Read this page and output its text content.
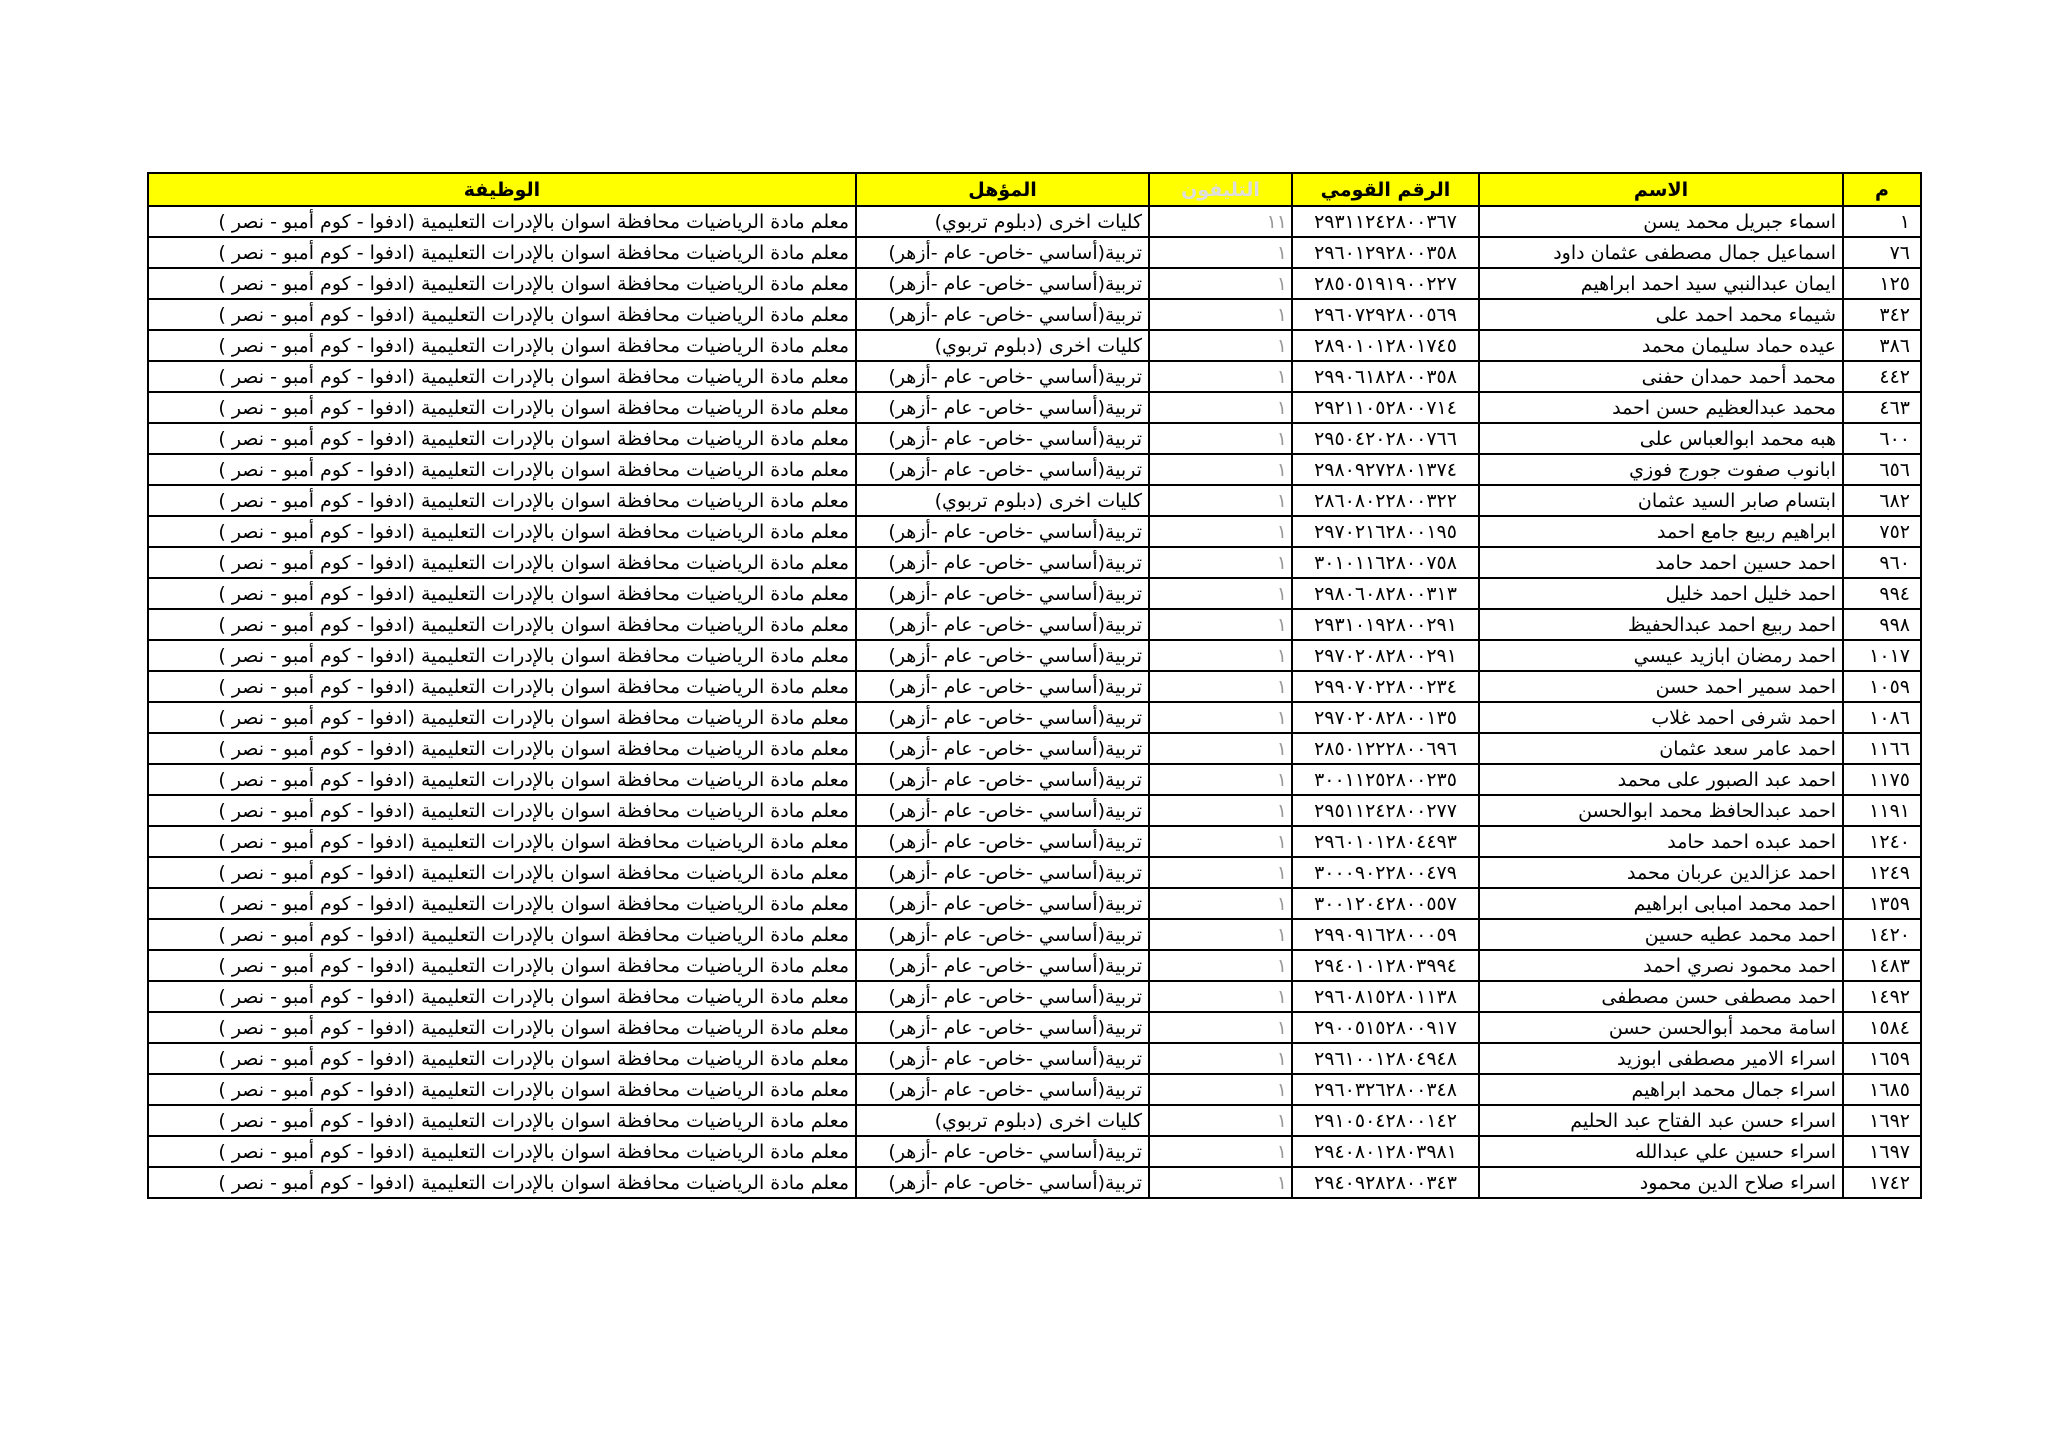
م	الاسم	الرقم القومي	التليفون	المؤهل	الوظيفة
١	اسماء جبريل محمد يسن	٢٩٣١١٢٤٢٨٠٠٣٦٧	١١	كليات اخرى (دبلوم تربوي)	معلم مادة الرياضيات محافظة اسوان بالإدرات التعليمية (ادفوا - كوم أمبو - نصر )
٧٦	اسماعيل جمال مصطفى عثمان داود	٢٩٦٠١٢٩٢٨٠٠٣٥٨	١	تربية(أساسي -خاص- عام -أزهر)	معلم مادة الرياضيات محافظة اسوان بالإدرات التعليمية (ادفوا - كوم أمبو - نصر )
١٢٥	ايمان عبدالنبي سيد احمد ابراهيم	٢٨٥٠٥١٩١٩٠٠٢٢٧	١	تربية(أساسي -خاص- عام -أزهر)	معلم مادة الرياضيات محافظة اسوان بالإدرات التعليمية (ادفوا - كوم أمبو - نصر )
٣٤٢	شيماء محمد احمد على	٢٩٦٠٧٢٩٢٨٠٠٥٦٩	١	تربية(أساسي -خاص- عام -أزهر)	معلم مادة الرياضيات محافظة اسوان بالإدرات التعليمية (ادفوا - كوم أمبو - نصر )
٣٨٦	عيده حماد سليمان محمد	٢٨٩٠١٠١٢٨٠١٧٤٥	١	كليات اخرى (دبلوم تربوي)	معلم مادة الرياضيات محافظة اسوان بالإدرات التعليمية (ادفوا - كوم أمبو - نصر )
٤٤٢	محمد أحمد حمدان حفنى	٢٩٩٠٦١٨٢٨٠٠٣٥٨	١	تربية(أساسي -خاص- عام -أزهر)	معلم مادة الرياضيات محافظة اسوان بالإدرات التعليمية (ادفوا - كوم أمبو - نصر )
٤٦٣	محمد عبدالعظيم حسن احمد	٢٩٢١١٠٥٢٨٠٠٧١٤	١	تربية(أساسي -خاص- عام -أزهر)	معلم مادة الرياضيات محافظة اسوان بالإدرات التعليمية (ادفوا - كوم أمبو - نصر )
٦٠٠	هبه محمد ابوالعباس على	٢٩٥٠٤٢٠٢٨٠٠٧٦٦	١	تربية(أساسي -خاص- عام -أزهر)	معلم مادة الرياضيات محافظة اسوان بالإدرات التعليمية (ادفوا - كوم أمبو - نصر )
٦٥٦	ابانوب صفوت جورج فوزي	٢٩٨٠٩٢٧٢٨٠١٣٧٤	١	تربية(أساسي -خاص- عام -أزهر)	معلم مادة الرياضيات محافظة اسوان بالإدرات التعليمية (ادفوا - كوم أمبو - نصر )
٦٨٢	ابتسام صابر السيد عثمان	٢٨٦٠٨٠٢٢٨٠٠٣٢٢	١	كليات اخرى (دبلوم تربوي)	معلم مادة الرياضيات محافظة اسوان بالإدرات التعليمية (ادفوا - كوم أمبو - نصر )
٧٥٢	ابراهيم ربيع جامع احمد	٢٩٧٠٢١٦٢٨٠٠١٩٥	١	تربية(أساسي -خاص- عام -أزهر)	معلم مادة الرياضيات محافظة اسوان بالإدرات التعليمية (ادفوا - كوم أمبو - نصر )
٩٦٠	احمد حسين احمد حامد	٣٠١٠١١٦٢٨٠٠٧٥٨	١	تربية(أساسي -خاص- عام -أزهر)	معلم مادة الرياضيات محافظة اسوان بالإدرات التعليمية (ادفوا - كوم أمبو - نصر )
٩٩٤	احمد خليل احمد خليل	٢٩٨٠٦٠٨٢٨٠٠٣١٣	١	تربية(أساسي -خاص- عام -أزهر)	معلم مادة الرياضيات محافظة اسوان بالإدرات التعليمية (ادفوا - كوم أمبو - نصر )
٩٩٨	احمد ربيع احمد عبدالحفيظ	٢٩٣١٠١٩٢٨٠٠٢٩١	١	تربية(أساسي -خاص- عام -أزهر)	معلم مادة الرياضيات محافظة اسوان بالإدرات التعليمية (ادفوا - كوم أمبو - نصر )
١٠١٧	احمد رمضان ابازيد عيسي	٢٩٧٠٢٠٨٢٨٠٠٢٩١	١	تربية(أساسي -خاص- عام -أزهر)	معلم مادة الرياضيات محافظة اسوان بالإدرات التعليمية (ادفوا - كوم أمبو - نصر )
١٠٥٩	احمد سمير احمد حسن	٢٩٩٠٧٠٢٢٨٠٠٢٣٤	١	تربية(أساسي -خاص- عام -أزهر)	معلم مادة الرياضيات محافظة اسوان بالإدرات التعليمية (ادفوا - كوم أمبو - نصر )
١٠٨٦	احمد شرفى احمد غلاب	٢٩٧٠٢٠٨٢٨٠٠١٣٥	١	تربية(أساسي -خاص- عام -أزهر)	معلم مادة الرياضيات محافظة اسوان بالإدرات التعليمية (ادفوا - كوم أمبو - نصر )
١١٦٦	احمد عامر سعد عثمان	٢٨٥٠١٢٢٢٨٠٠٦٩٦	١	تربية(أساسي -خاص- عام -أزهر)	معلم مادة الرياضيات محافظة اسوان بالإدرات التعليمية (ادفوا - كوم أمبو - نصر )
١١٧٥	احمد عبد الصبور على محمد	٣٠٠١١٢٥٢٨٠٠٢٣٥	١	تربية(أساسي -خاص- عام -أزهر)	معلم مادة الرياضيات محافظة اسوان بالإدرات التعليمية (ادفوا - كوم أمبو - نصر )
١١٩١	احمد عبدالحافظ محمد ابوالحسن	٢٩٥١١٢٤٢٨٠٠٢٧٧	١	تربية(أساسي -خاص- عام -أزهر)	معلم مادة الرياضيات محافظة اسوان بالإدرات التعليمية (ادفوا - كوم أمبو - نصر )
١٢٤٠	احمد عبده احمد حامد	٢٩٦٠١٠١٢٨٠٤٤٩٣	١	تربية(أساسي -خاص- عام -أزهر)	معلم مادة الرياضيات محافظة اسوان بالإدرات التعليمية (ادفوا - كوم أمبو - نصر )
١٢٤٩	احمد عزالدين عربان محمد	٣٠٠٠٩٠٢٢٨٠٠٤٧٩	١	تربية(أساسي -خاص- عام -أزهر)	معلم مادة الرياضيات محافظة اسوان بالإدرات التعليمية (ادفوا - كوم أمبو - نصر )
١٣٥٩	احمد محمد امبابى ابراهيم	٣٠٠١٢٠٤٢٨٠٠٥٥٧	١	تربية(أساسي -خاص- عام -أزهر)	معلم مادة الرياضيات محافظة اسوان بالإدرات التعليمية (ادفوا - كوم أمبو - نصر )
١٤٢٠	احمد محمد عطيه حسين	٢٩٩٠٩١٦٢٨٠٠٠٥٩	١	تربية(أساسي -خاص- عام -أزهر)	معلم مادة الرياضيات محافظة اسوان بالإدرات التعليمية (ادفوا - كوم أمبو - نصر )
١٤٨٣	احمد محمود نصري احمد	٢٩٤٠١٠١٢٨٠٣٩٩٤	١	تربية(أساسي -خاص- عام -أزهر)	معلم مادة الرياضيات محافظة اسوان بالإدرات التعليمية (ادفوا - كوم أمبو - نصر )
١٤٩٢	احمد مصطفى حسن مصطفى	٢٩٦٠٨١٥٢٨٠١١٣٨	١	تربية(أساسي -خاص- عام -أزهر)	معلم مادة الرياضيات محافظة اسوان بالإدرات التعليمية (ادفوا - كوم أمبو - نصر )
١٥٨٤	اسامة محمد أبوالحسن حسن	٢٩٠٠٥١٥٢٨٠٠٩١٧	١	تربية(أساسي -خاص- عام -أزهر)	معلم مادة الرياضيات محافظة اسوان بالإدرات التعليمية (ادفوا - كوم أمبو - نصر )
١٦٥٩	اسراء الامير مصطفى ابوزيد	٢٩٦١٠٠١٢٨٠٤٩٤٨	١	تربية(أساسي -خاص- عام -أزهر)	معلم مادة الرياضيات محافظة اسوان بالإدرات التعليمية (ادفوا - كوم أمبو - نصر )
١٦٨٥	اسراء جمال محمد ابراهيم	٢٩٦٠٣٢٦٢٨٠٠٣٤٨	١	تربية(أساسي -خاص- عام -أزهر)	معلم مادة الرياضيات محافظة اسوان بالإدرات التعليمية (ادفوا - كوم أمبو - نصر )
١٦٩٢	اسراء حسن عبد الفتاح عبد الحليم	٢٩١٠٥٠٤٢٨٠٠١٤٢	١	كليات اخرى (دبلوم تربوي)	معلم مادة الرياضيات محافظة اسوان بالإدرات التعليمية (ادفوا - كوم أمبو - نصر )
١٦٩٧	اسراء حسين علي عبدالله	٢٩٤٠٨٠١٢٨٠٣٩٨١	١	تربية(أساسي -خاص- عام -أزهر)	معلم مادة الرياضيات محافظة اسوان بالإدرات التعليمية (ادفوا - كوم أمبو - نصر )
١٧٤٢	اسراء صلاح الدين محمود	٢٩٤٠٩٢٨٢٨٠٠٣٤٣	١	تربية(أساسي -خاص- عام -أزهر)	معلم مادة الرياضيات محافظة اسوان بالإدرات التعليمية (ادفوا - كوم أمبو - نصر )
